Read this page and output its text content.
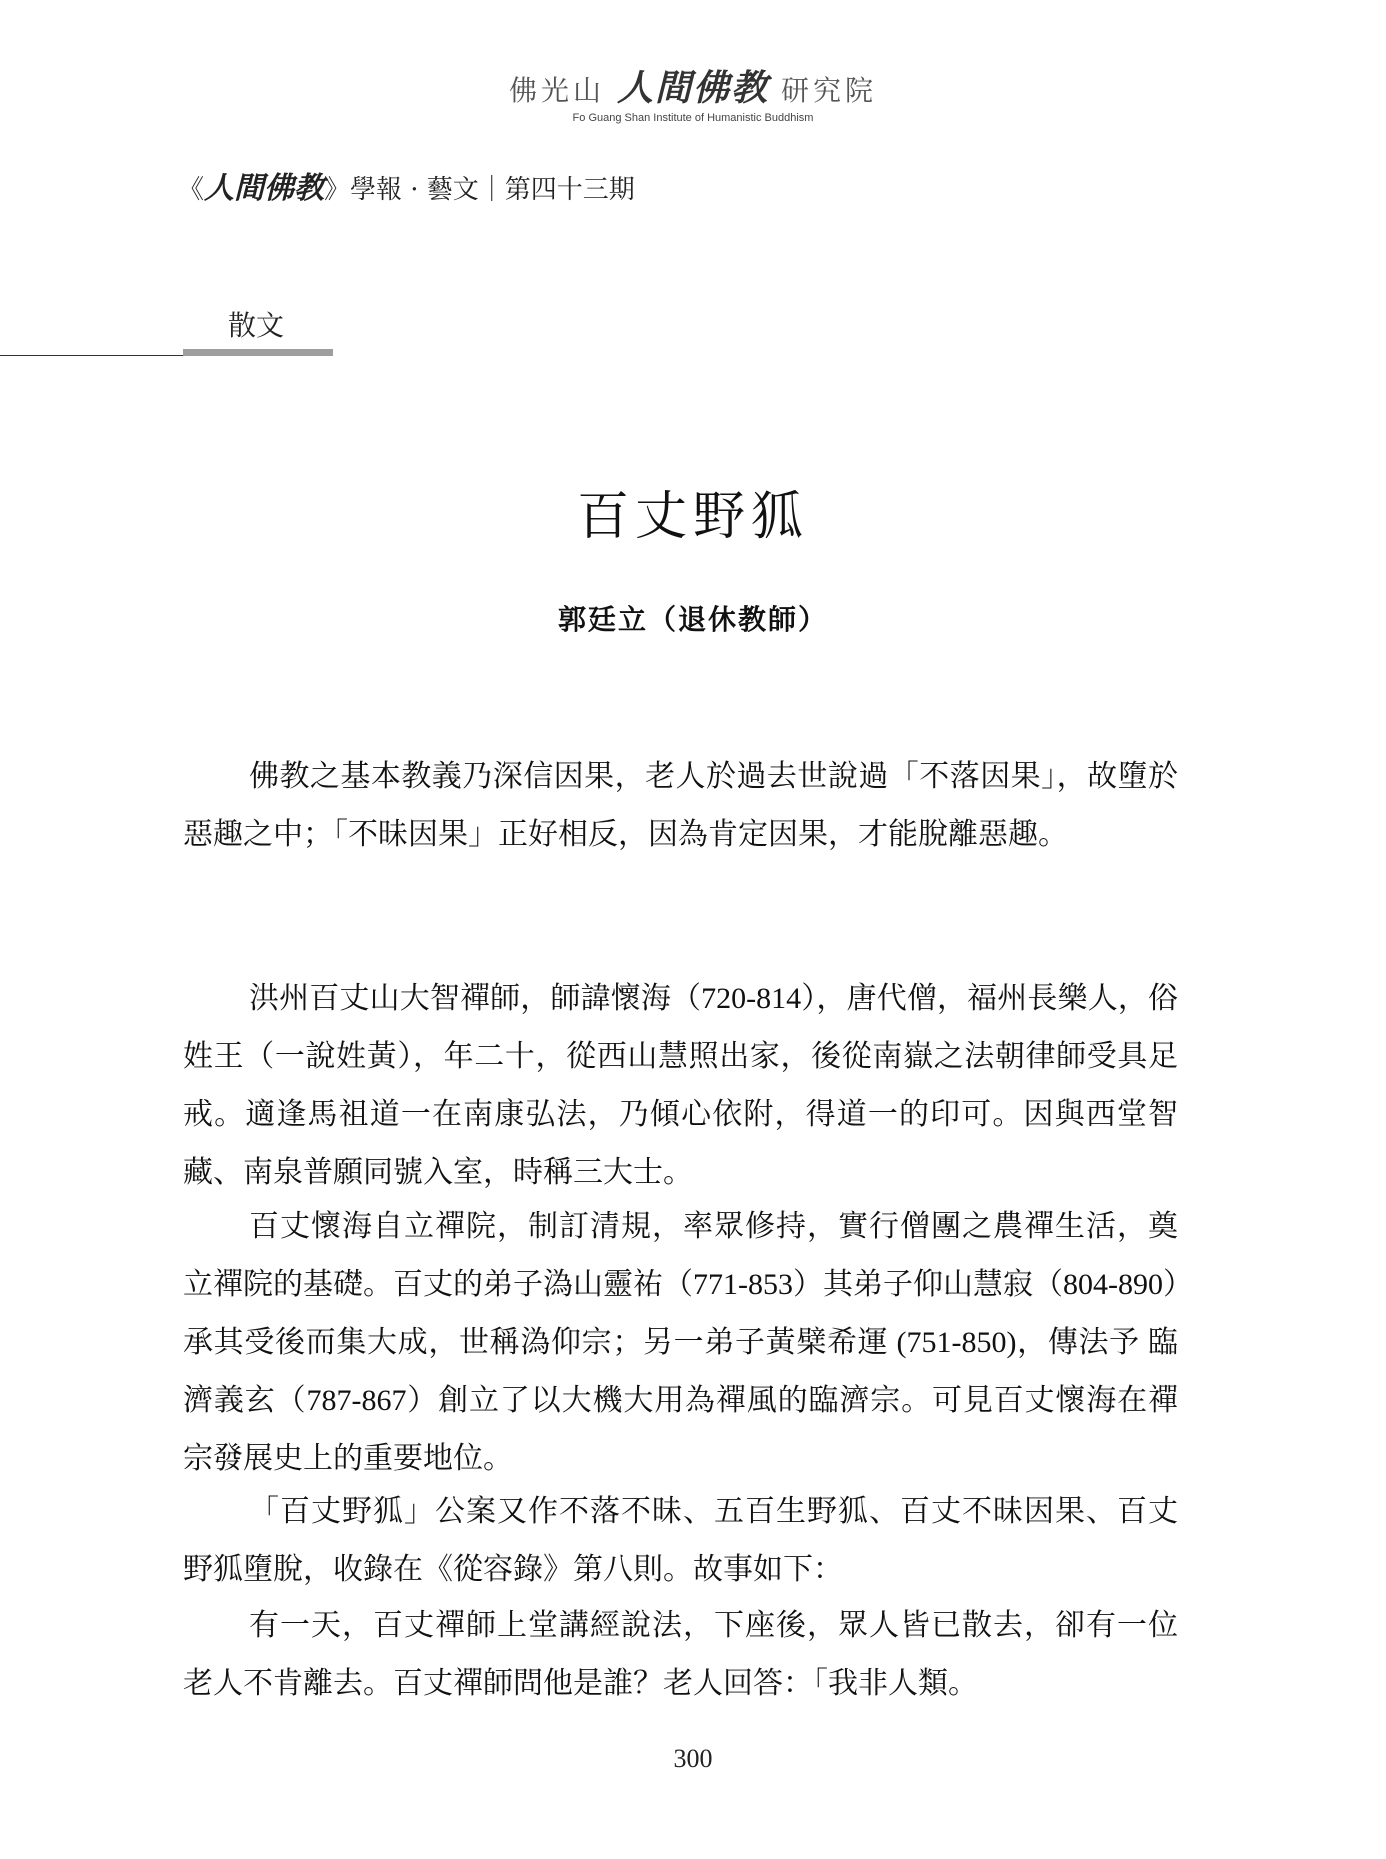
佛光山 人間佛教 研究院
Fo Guang Shan Institute of Humanistic Buddhism
《人間佛教》學報 · 藝文｜第四十三期
散文
百丈野狐
郭廷立（退休教師）

佛教之基本教義乃深信因果，老人於過去世說過「不落因果」，故墮於惡趣之中；「不昧因果」正好相反，因為肯定因果，才能脫離惡趣。

洪州百丈山大智禪師，師諱懷海（720-814），唐代僧，福州長樂人，俗姓王（一說姓黃），年二十，從西山慧照出家，後從南嶽之法朝律師受具足戒。適逢馬祖道一在南康弘法，乃傾心依附，得道一的印可。因與西堂智藏、南泉普願同號入室，時稱三大士。

百丈懷海自立禪院，制訂清規，率眾修持，實行僧團之農禪生活，奠立禪院的基礎。百丈的弟子溈山靈祐（771-853）其弟子仰山慧寂（804-890）承其受後而集大成，世稱溈仰宗；另一弟子黃檗希運 (751-850)，傳法予 臨濟義玄（787-867）創立了以大機大用為禪風的臨濟宗。可見百丈懷海在禪宗發展史上的重要地位。

「百丈野狐」公案又作不落不昧、五百生野狐、百丈不昧因果、百丈野狐墮脫，收錄在《從容錄》第八則。故事如下：

有一天，百丈禪師上堂講經說法，下座後，眾人皆已散去，卻有一位老人不肯離去。百丈禪師問他是誰？老人回答：「我非人類。

300
